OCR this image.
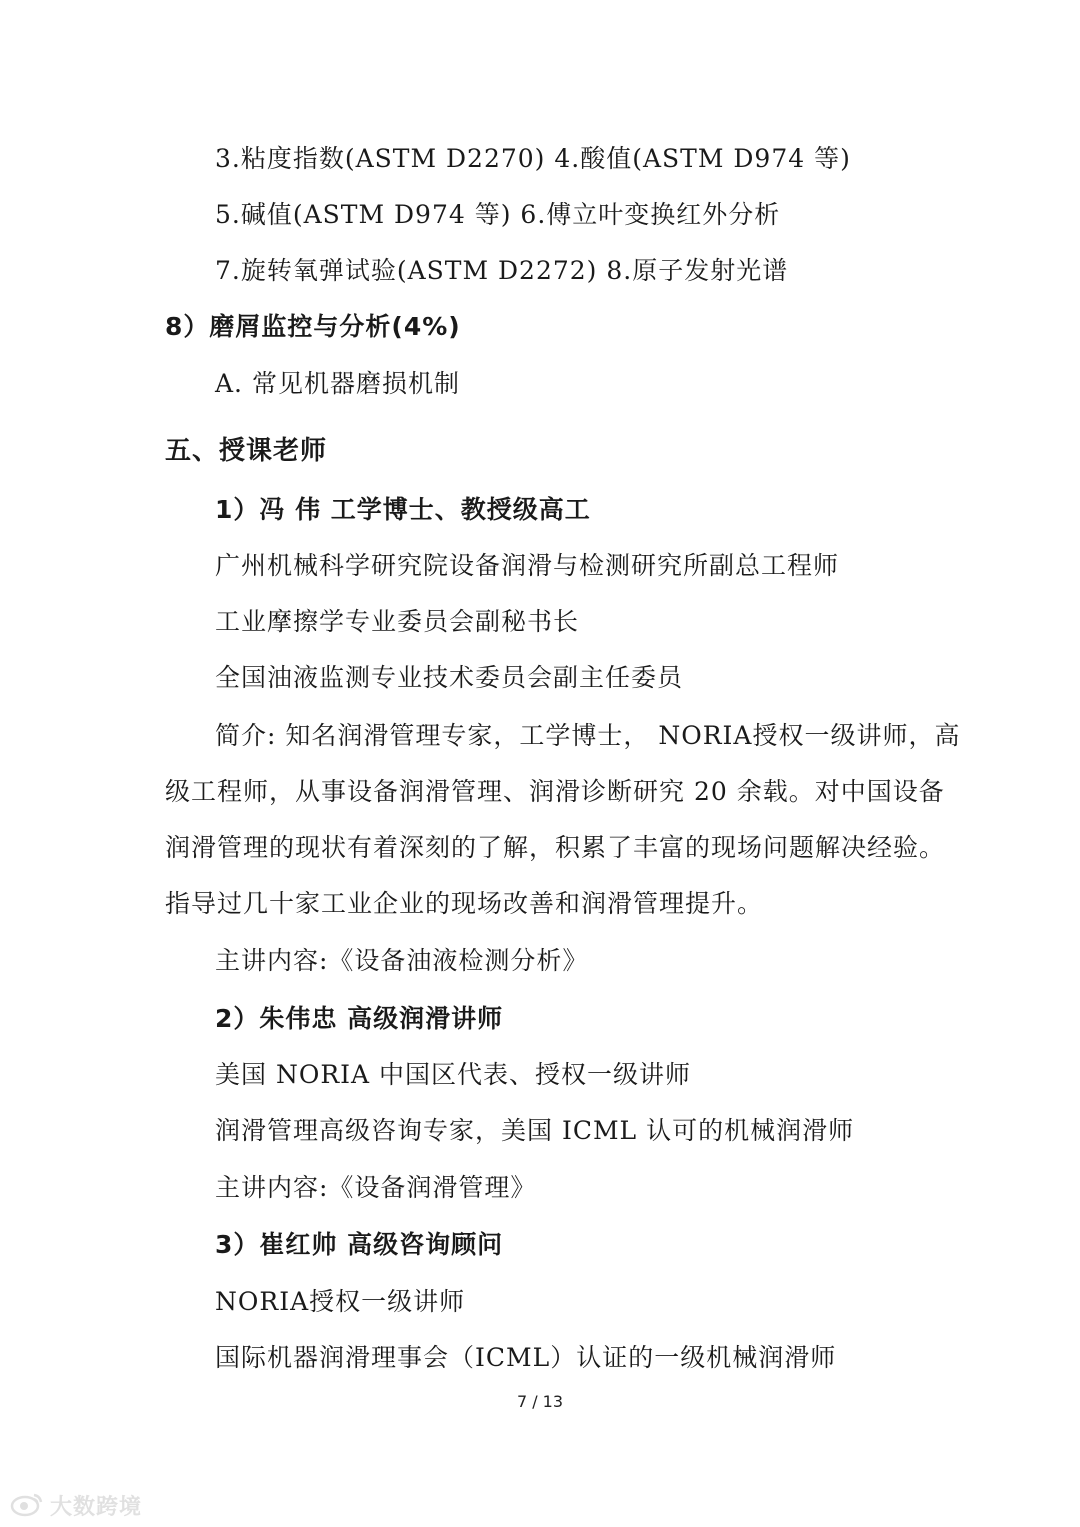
3.粘度指数(ASTM D2270) 4.酸值(ASTM D974 等)
5.碱值(ASTM D974 等) 6.傅立叶变换红外分析
7.旋转氧弹试验(ASTM D2272) 8.原子发射光谱
8）磨屑监控与分析(4%)
A. 常见机器磨损机制
五、授课老师
1）冯 伟 工学博士、教授级高工
广州机械科学研究院设备润滑与检测研究所副总工程师
工业摩擦学专业委员会副秘书长
全国油液监测专业技术委员会副主任委员
简介: 知名润滑管理专家，工学博士， NORIA授权一级讲师，高
级工程师，从事设备润滑管理、润滑诊断研究 20 余载。对中国设备
润滑管理的现状有着深刻的了解，积累了丰富的现场问题解决经验。
指导过几十家工业企业的现场改善和润滑管理提升。
主讲内容:《设备油液检测分析》
2）朱伟忠 高级润滑讲师
美国 NORIA 中国区代表、授权一级讲师
润滑管理高级咨询专家，美国 ICML 认可的机械润滑师
主讲内容:《设备润滑管理》
3）崔红帅 高级咨询顾问
NORIA授权一级讲师
国际机器润滑理事会（ICML）认证的一级机械润滑师
7 / 13
大数跨境
